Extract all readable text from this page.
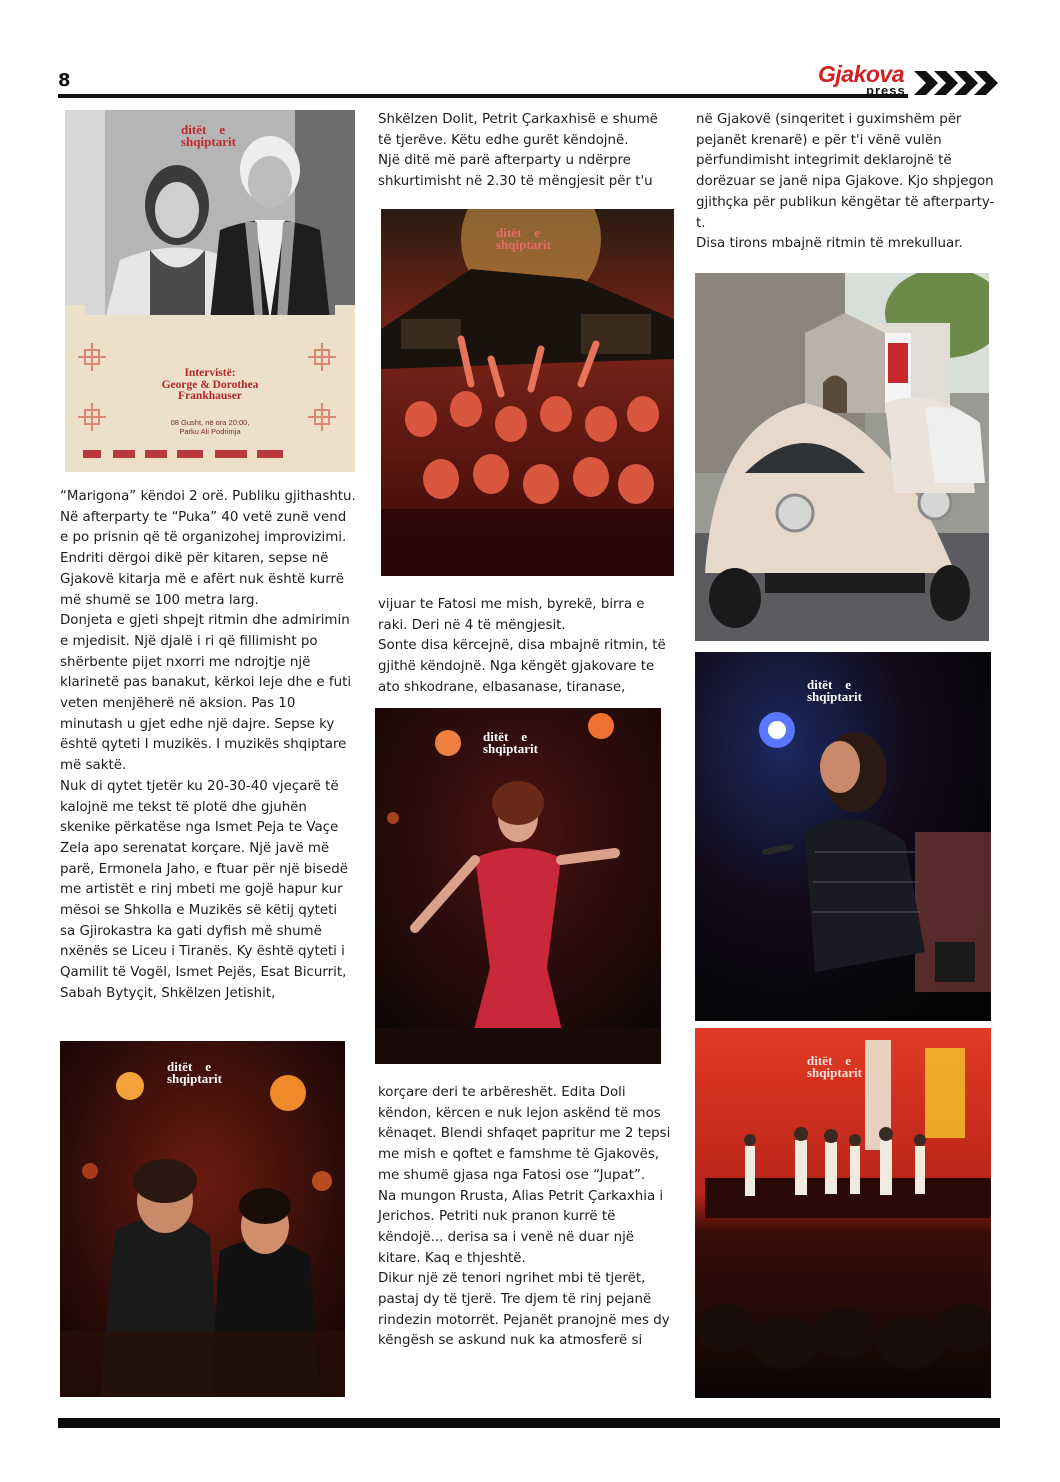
8	Gjakova
press
ditët e
shqiptarit
Intervistë:
George & Dorothea
Frankhauser
08 Gusht, në ora 20:00,
Parku Ali Podrimja

“Marigona” këndoi 2 orë. Publiku gjithashtu. Në afterparty te “Puka” 40 vetë zunë vend e po prisnin që të organizohej improvizimi. Endriti dërgoi dikë për kitaren, sepse në Gjakovë kitarja më e afërt nuk është kurrë më shumë se 100 metra larg.

Donjeta e gjeti shpejt ritmin dhe admirimin e mjedisit. Një djalë i ri që fillimisht po shërbente pijet nxorri me ndrojtje një klarinetë pas banakut, kërkoi leje dhe e futi veten menjëherë në aksion. Pas 10 minutash u gjet edhe një dajre. Sepse ky është qyteti I muzikës. I muzikës shqiptare më saktë.

Nuk di qytet tjetër ku 20-30-40 vjeçarë të kalojnë me tekst të plotë dhe gjuhën skenike përkatëse nga Ismet Peja te Vaçe Zela apo serenatat korçare. Një javë më parë, Ermonela Jaho, e ftuar për një bisedë me artistët e rinj mbeti me gojë hapur kur mësoi se Shkolla e Muzikës së këtij qyteti sa Gjirokastra ka gati dyfish më shumë nxënës se Liceu i Tiranës. Ky është qyteti i Qamilit të Vogël, Ismet Pejës, Esat Bicurrit, Sabah Bytyçit, Shkëlzen Jetishit,

ditët e
shqiptarit

Shkëlzen Dolit, Petrit Çarkaxhisë e shumë të tjerëve. Këtu edhe gurët këndojnë.

Një ditë më parë afterparty u ndërpre shkurtimisht në 2.30 të mëngjesit për t'u

ditët e
shqiptarit

vijuar te Fatosi me mish, byrekë, birra e raki. Deri në 4 të mëngjesit.

Sonte disa kërcejnë, disa mbajnë ritmin, të gjithë këndojnë. Nga këngët gjakovare te ato shkodrane, elbasanase, tiranase,

ditët e
shqiptarit

korçare deri te arbëreshët. Edita Doli këndon, kërcen e nuk lejon askënd të mos kënaqet. Blendi shfaqet papritur me 2 tepsi me mish e qoftet e famshme të Gjakovës, me shumë gjasa nga Fatosi ose “Jupat”.

Na mungon Rrusta, Alias Petrit Çarkaxhia i Jerichos. Petriti nuk pranon kurrë të këndojë... derisa sa i venë në duar një kitare. Kaq e thjeshtë.

Dikur një zë tenori ngrihet mbi të tjerët, pastaj dy të tjerë. Tre djem të rinj pejanë rindezin motorrët. Pejanët pranojnë mes dy këngësh se askund nuk ka atmosferë si

në Gjakovë (sinqeritet i guximshëm për pejanët krenarë) e për t'i vënë vulën përfundimisht integrimit deklarojnë të dorëzuar se janë nipa Gjakove. Kjo shpjegon gjithçka për publikun këngëtar të afterparty-t.

Disa tirons mbajnë ritmin të mrekulluar.

ditët e
shqiptarit
ditët e
shqiptarit
